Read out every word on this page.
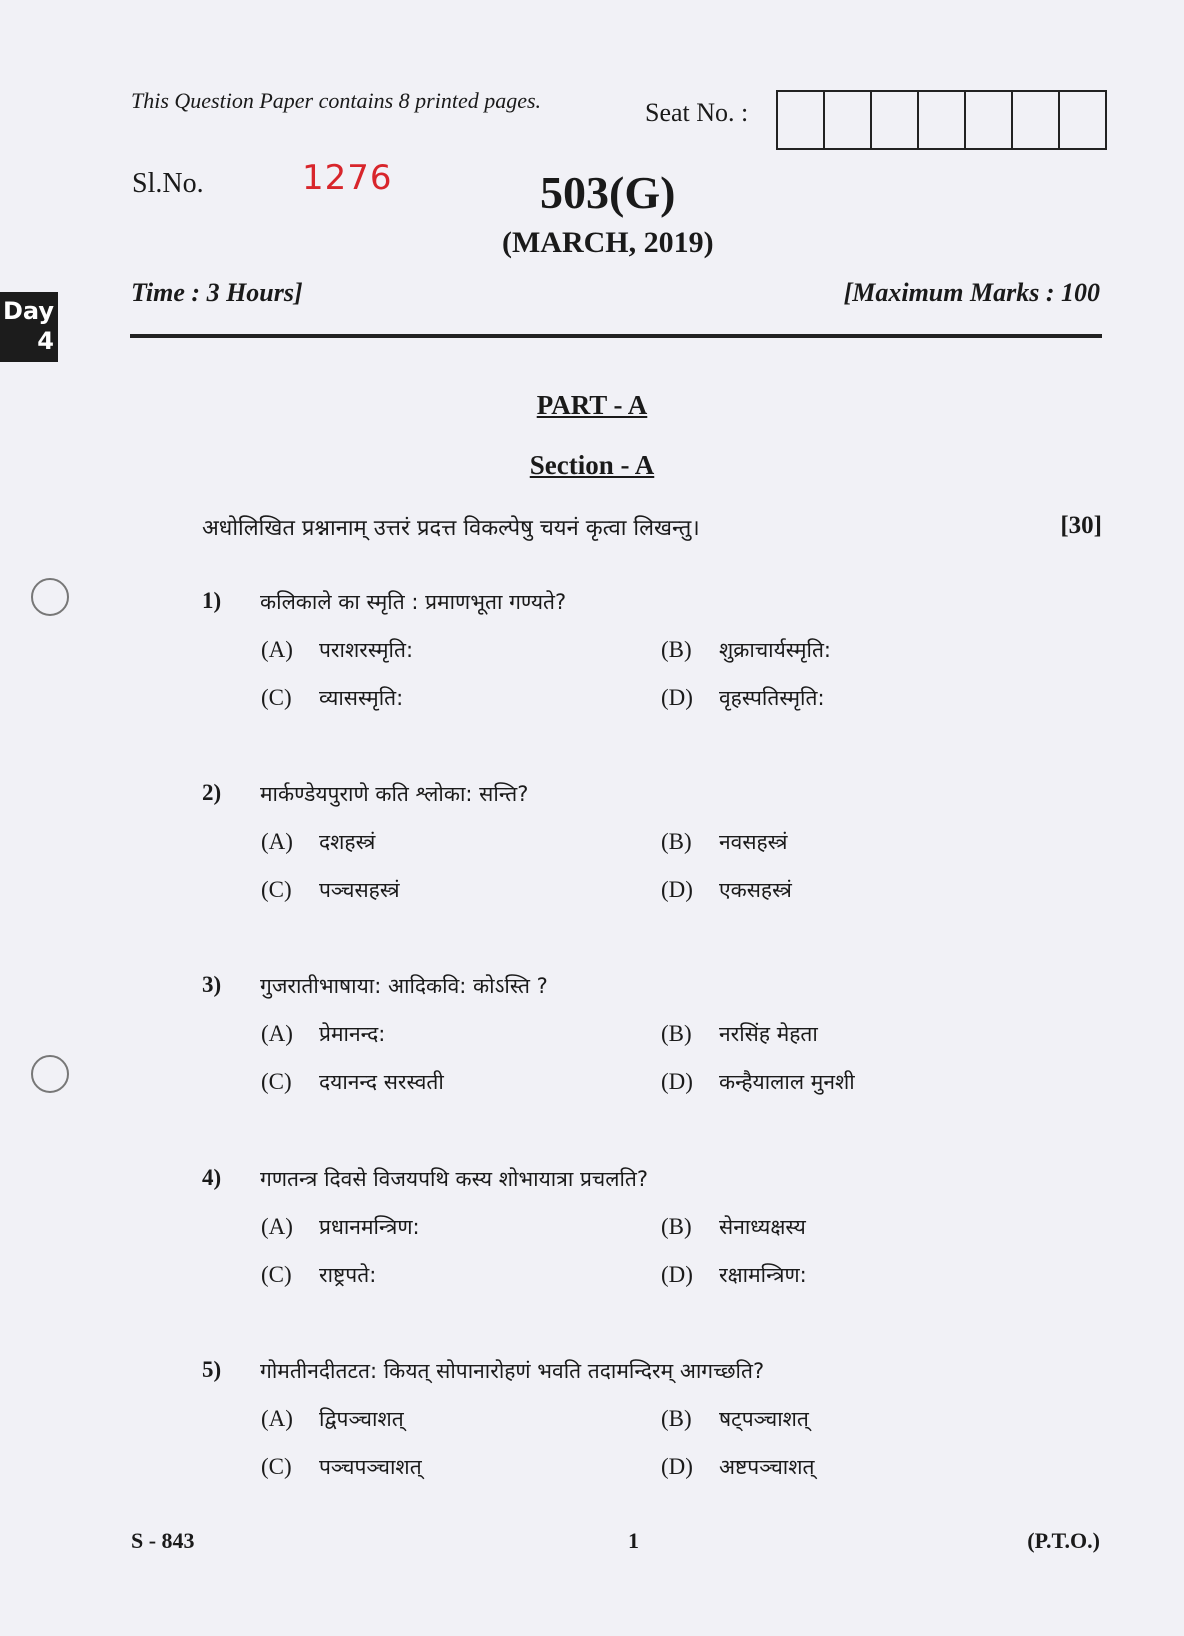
This Question Paper contains 8 printed pages.	Seat No. :
Sl.No.	1276	503(G)
(MARCH, 2019)
Day
4
Time : 3 Hours]	[Maximum Marks : 100
PART - A
Section - A
अधोलिखित प्रश्नानाम् उत्तरं प्रदत्त विकल्पेषु चयनं कृत्वा लिखन्तु।	[30]
1) कलिकाले का स्मृति : प्रमाणभूता गण्यते?
(A) पराशरस्मृति:	(B) शुक्राचार्यस्मृति:
(C) व्यासस्मृति:	(D) वृहस्पतिस्मृति:
2) मार्कण्डेयपुराणे कति श्लोका: सन्ति?
(A) दशहस्त्रं	(B) नवसहस्त्रं
(C) पञ्चसहस्त्रं	(D) एकसहस्त्रं
3) गुजरातीभाषाया: आदिकवि: कोऽस्ति ?
(A) प्रेमानन्द:	(B) नरसिंह मेहता
(C) दयानन्द सरस्वती	(D) कन्हैयालाल मुनशी
4) गणतन्त्र दिवसे विजयपथि कस्य शोभायात्रा प्रचलति?
(A) प्रधानमन्त्रिण:	(B) सेनाध्यक्षस्य
(C) राष्ट्रपते:	(D) रक्षामन्त्रिण:
5) गोमतीनदीतटत: कियत् सोपानारोहणं भवति तदामन्दिरम् आगच्छति?
(A) द्विपञ्चाशत्	(B) षट्पञ्चाशत्
(C) पञ्चपञ्चाशत्	(D) अष्टपञ्चाशत्
S - 843	1	(P.T.O.)
